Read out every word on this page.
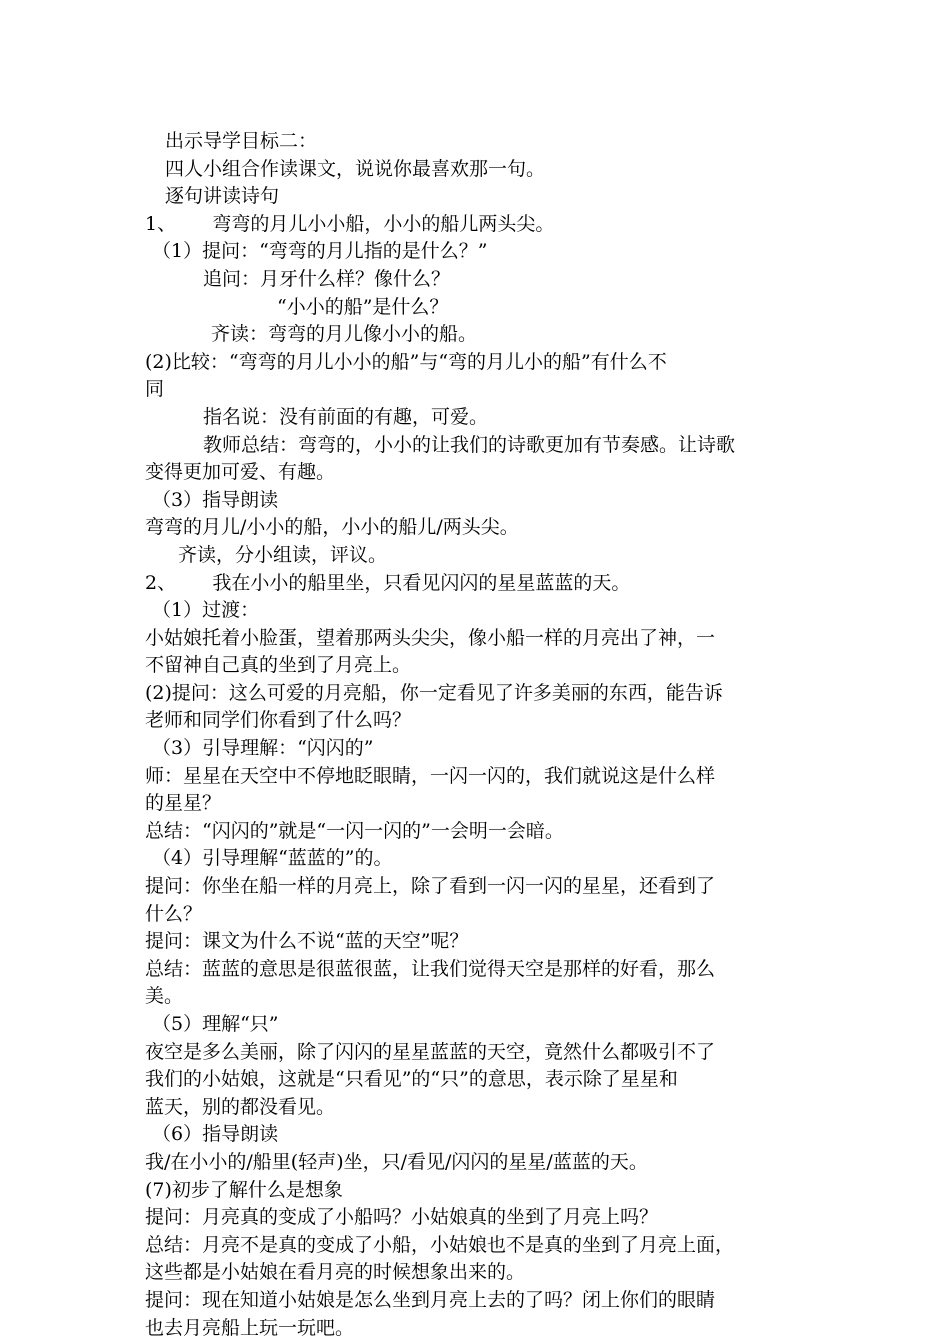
出示导学目标二：
四人小组合作读课文，说说你最喜欢那一句。
逐句讲读诗句
1、      弯弯的月儿小小船，小小的船儿两头尖。
（1）提问：“弯弯的月儿指的是什么？”
追问：月牙什么样？像什么？
“小小的船”是什么？
齐读：弯弯的月儿像小小的船。
(2)比较：“弯弯的月儿小小的船”与“弯的月儿小的船”有什么不
同
指名说：没有前面的有趣，可爱。
教师总结：弯弯的，小小的让我们的诗歌更加有节奏感。让诗歌
变得更加可爱、有趣。
（3）指导朗读
弯弯的月儿/小小的船，小小的船儿/两头尖。
齐读，分小组读，评议。
2、      我在小小的船里坐，只看见闪闪的星星蓝蓝的天。
（1）过渡：
小姑娘托着小脸蛋，望着那两头尖尖，像小船一样的月亮出了神，一
不留神自己真的坐到了月亮上。
(2)提问：这么可爱的月亮船，你一定看见了许多美丽的东西，能告诉
老师和同学们你看到了什么吗？
（3）引导理解：“闪闪的”
师：星星在天空中不停地眨眼睛，一闪一闪的，我们就说这是什么样
的星星？
总结：“闪闪的”就是“一闪一闪的”一会明一会暗。
（4）引导理解“蓝蓝的”的。
提问：你坐在船一样的月亮上，除了看到一闪一闪的星星，还看到了
什么？
提问：课文为什么不说“蓝的天空”呢？
总结：蓝蓝的意思是很蓝很蓝，让我们觉得天空是那样的好看，那么
美。
（5）理解“只”
夜空是多么美丽，除了闪闪的星星蓝蓝的天空，竟然什么都吸引不了
我们的小姑娘，这就是“只看见”的“只”的意思，表示除了星星和
蓝天，别的都没看见。
（6）指导朗读
我/在小小的/船里(轻声)坐，只/看见/闪闪的星星/蓝蓝的天。
(7)初步了解什么是想象
提问：月亮真的变成了小船吗？小姑娘真的坐到了月亮上吗？
总结：月亮不是真的变成了小船，小姑娘也不是真的坐到了月亮上面，
这些都是小姑娘在看月亮的时候想象出来的。
提问：现在知道小姑娘是怎么坐到月亮上去的了吗？闭上你们的眼睛
也去月亮船上玩一玩吧。
